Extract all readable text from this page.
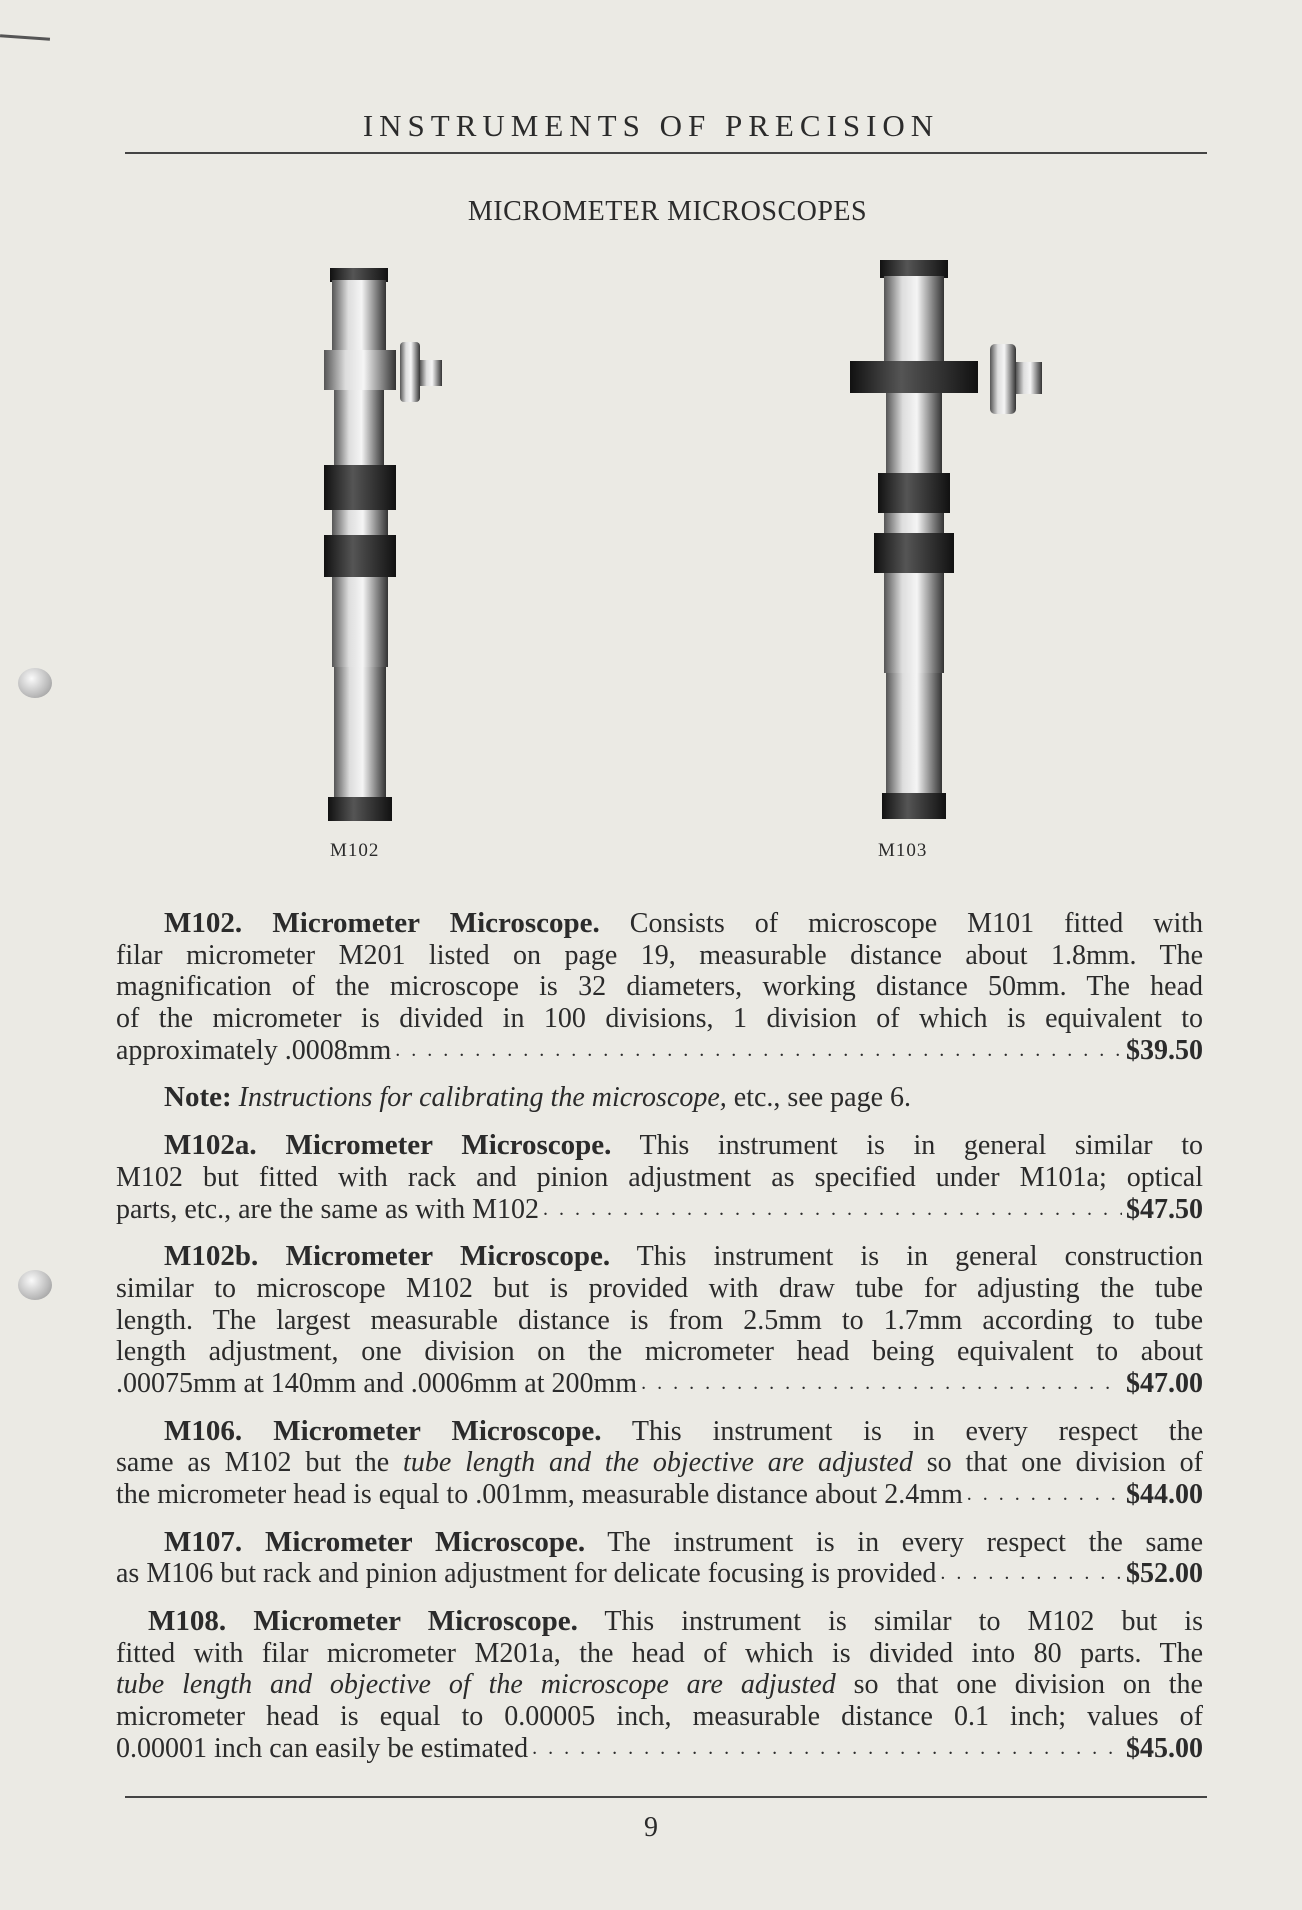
INSTRUMENTS OF PRECISION
MICROMETER MICROSCOPES
M102	M103
M102. Micrometer Microscope. Consists of microscope M101 fitted with
filar micrometer M201 listed on page 19, measurable distance about 1.8mm. The
magnification of the microscope is 32 diameters, working distance 50mm. The head
of the micrometer is divided in 100 divisions, 1 division of which is equivalent to
approximately .0008mm . . .	$39.50
Note: Instructions for calibrating the microscope, etc., see page 6.
M102a. Micrometer Microscope. This instrument is in general similar to
M102 but fitted with rack and pinion adjustment as specified under M101a; optical
parts, etc., are the same as with M102 . . .	$47.50
M102b. Micrometer Microscope. This instrument is in general construction
similar to microscope M102 but is provided with draw tube for adjusting the tube
length. The largest measurable distance is from 2.5mm to 1.7mm according to tube
length adjustment, one division on the micrometer head being equivalent to about
.00075mm at 140mm and .0006mm at 200mm . . .	$47.00
M106. Micrometer Microscope. This instrument is in every respect the
same as M102 but the tube length and the objective are adjusted so that one division of
the micrometer head is equal to .001mm, measurable distance about 2.4mm . . .	$44.00
M107. Micrometer Microscope. The instrument is in every respect the same
as M106 but rack and pinion adjustment for delicate focusing is provided . . .	$52.00
M108. Micrometer Microscope. This instrument is similar to M102 but is
fitted with filar micrometer M201a, the head of which is divided into 80 parts. The
tube length and objective of the microscope are adjusted so that one division on the
micrometer head is equal to 0.00005 inch, measurable distance 0.1 inch; values of
0.00001 inch can easily be estimated . . .	$45.00
9
